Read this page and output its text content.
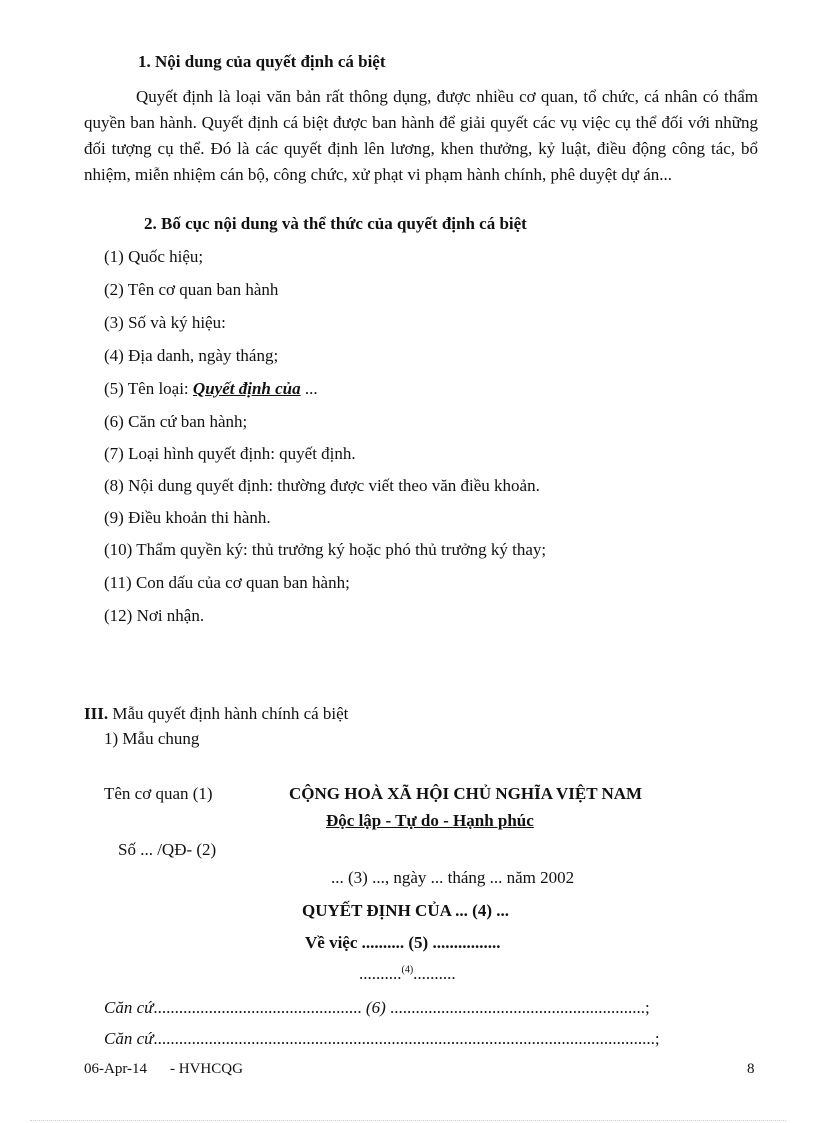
1. Nội dung của quyết định cá biệt

Quyết định là loại văn bản rất thông dụng, được nhiều cơ quan, tổ chức, cá nhân có thẩm quyền ban hành. Quyết định cá biệt được ban hành để giải quyết các vụ việc cụ thể đối với những đối tượng cụ thể. Đó là các quyết định lên lương, khen thưởng, kỷ luật, điều động công tác, bổ nhiệm, miễn nhiệm cán bộ, công chức, xử phạt vi phạm hành chính, phê duyệt dự án...

2. Bố cục nội dung và thể thức của quyết định cá biệt
(1) Quốc hiệu;
(2) Tên cơ quan ban hành
(3) Số và ký hiệu:
(4) Địa danh, ngày tháng;
(5) Tên loại: Quyết định của ...
(6) Căn cứ ban hành;
(7) Loại hình quyết định: quyết định.
(8) Nội dung quyết định: thường được viết theo văn điều khoản.
(9) Điều khoản thi hành.
(10) Thẩm quyền ký: thủ trưởng ký hoặc phó thủ trưởng ký thay;
(11) Con dấu của cơ quan ban hành;
(12) Nơi nhận.
III. Mẫu quyết định hành chính cá biệt
1) Mẫu chung
Tên cơ quan (1)	CỘNG HOÀ XÃ HỘI CHỦ NGHĨA VIỆT NAM
Độc lập - Tự do - Hạnh phúc
Số ... /QĐ- (2)
... (3) ..., ngày ... tháng ... năm 2002
QUYẾT ĐỊNH CỦA ... (4) ...
Về việc .......... (5) ................
..........$^{(4)}$..........
Căn cứ................................................. (6) ............................................................;
Căn cứ......................................................................................................................;
06-Apr-14 - HVHCQG	8
